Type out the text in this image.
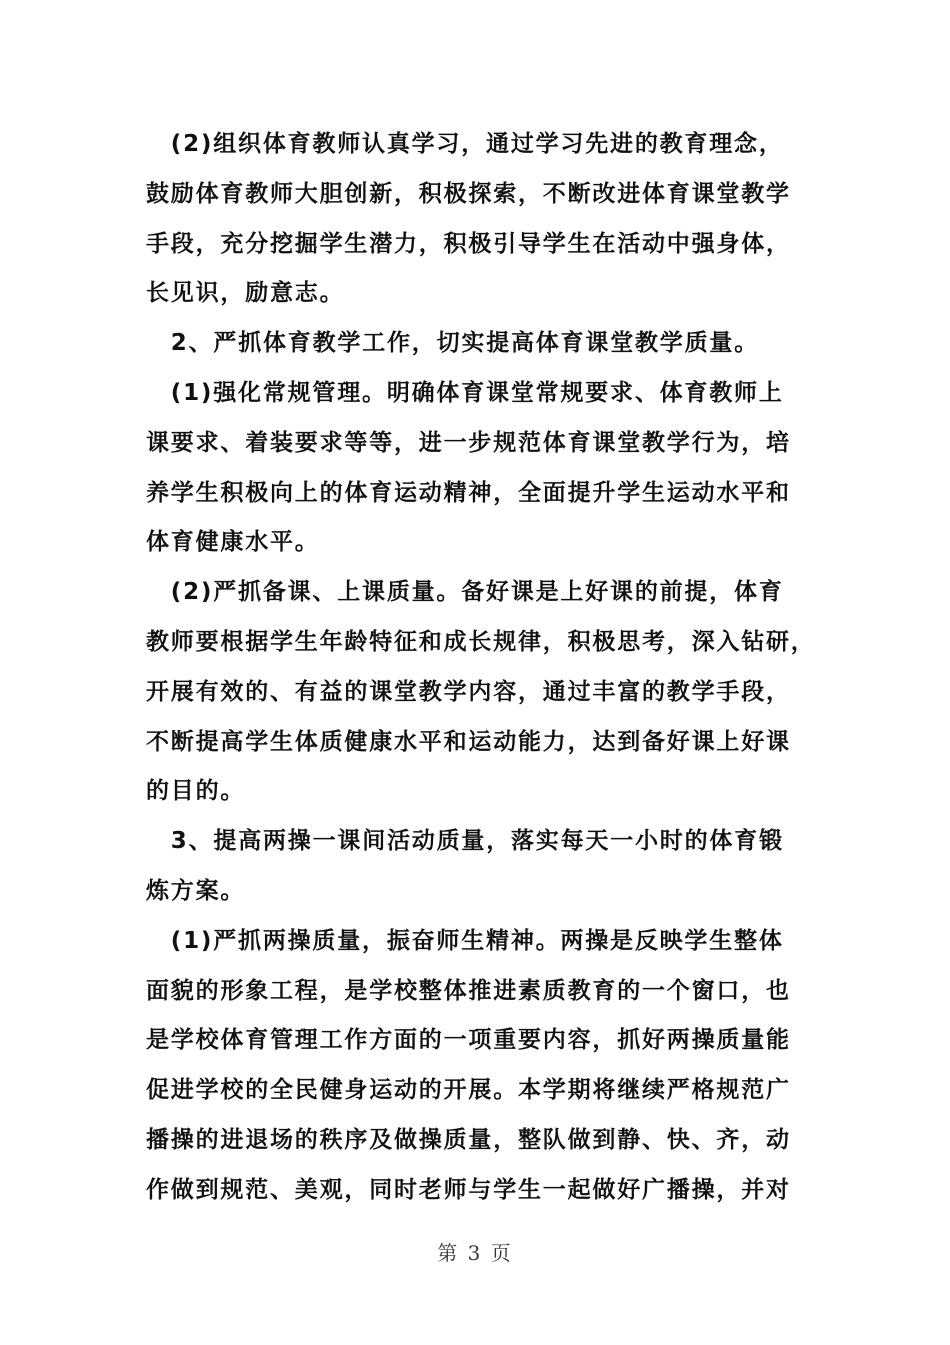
　(2)组织体育教师认真学习，通过学习先进的教育理念，
鼓励体育教师大胆创新，积极探索，不断改进体育课堂教学
手段，充分挖掘学生潜力，积极引导学生在活动中强身体，
长见识，励意志。
　2、严抓体育教学工作，切实提高体育课堂教学质量。
　(1)强化常规管理。明确体育课堂常规要求、体育教师上
课要求、着装要求等等，进一步规范体育课堂教学行为，培
养学生积极向上的体育运动精神，全面提升学生运动水平和
体育健康水平。
　(2)严抓备课、上课质量。备好课是上好课的前提，体育
教师要根据学生年龄特征和成长规律，积极思考，深入钻研，
开展有效的、有益的课堂教学内容，通过丰富的教学手段，
不断提高学生体质健康水平和运动能力，达到备好课上好课
的目的。
　3、提高两操一课间活动质量，落实每天一小时的体育锻
炼方案。
　(1)严抓两操质量，振奋师生精神。两操是反映学生整体
面貌的形象工程，是学校整体推进素质教育的一个窗口，也
是学校体育管理工作方面的一项重要内容，抓好两操质量能
促进学校的全民健身运动的开展。本学期将继续严格规范广
播操的进退场的秩序及做操质量，整队做到静、快、齐，动
作做到规范、美观，同时老师与学生一起做好广播操，并对
第 3 页
